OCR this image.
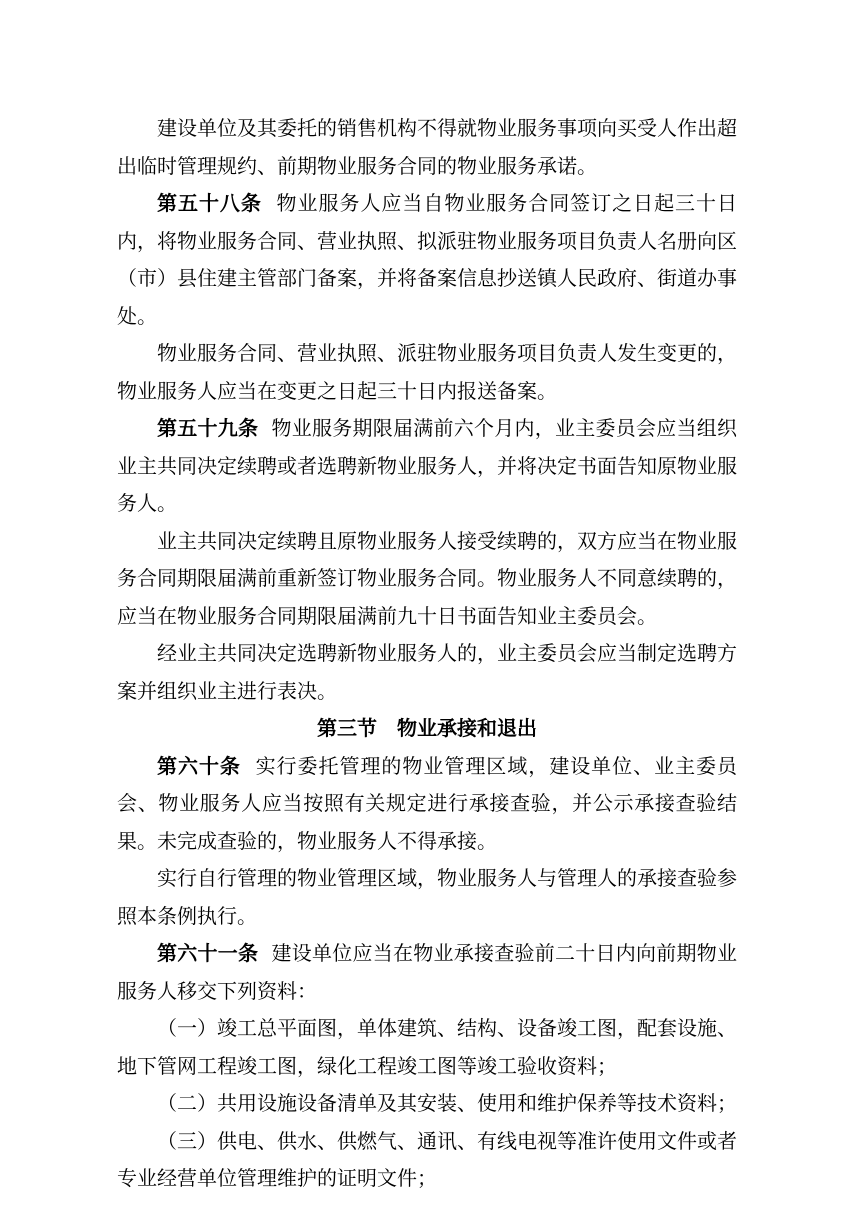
建设单位及其委托的销售机构不得就物业服务事项向买受人作出超出临时管理规约、前期物业服务合同的物业服务承诺。

第五十八条 物业服务人应当自物业服务合同签订之日起三十日内，将物业服务合同、营业执照、拟派驻物业服务项目负责人名册向区（市）县住建主管部门备案，并将备案信息抄送镇人民政府、街道办事处。

物业服务合同、营业执照、派驻物业服务项目负责人发生变更的，物业服务人应当在变更之日起三十日内报送备案。

第五十九条 物业服务期限届满前六个月内，业主委员会应当组织业主共同决定续聘或者选聘新物业服务人，并将决定书面告知原物业服务人。

业主共同决定续聘且原物业服务人接受续聘的，双方应当在物业服务合同期限届满前重新签订物业服务合同。物业服务人不同意续聘的，应当在物业服务合同期限届满前九十日书面告知业主委员会。

经业主共同决定选聘新物业服务人的，业主委员会应当制定选聘方案并组织业主进行表决。

第三节　物业承接和退出

第六十条 实行委托管理的物业管理区域，建设单位、业主委员会、物业服务人应当按照有关规定进行承接查验，并公示承接查验结果。未完成查验的，物业服务人不得承接。

实行自行管理的物业管理区域，物业服务人与管理人的承接查验参照本条例执行。

第六十一条 建设单位应当在物业承接查验前二十日内向前期物业服务人移交下列资料：

（一）竣工总平面图，单体建筑、结构、设备竣工图，配套设施、地下管网工程竣工图，绿化工程竣工图等竣工验收资料；

（二）共用设施设备清单及其安装、使用和维护保养等技术资料；

（三）供电、供水、供燃气、通讯、有线电视等准许使用文件或者专业经营单位管理维护的证明文件；
